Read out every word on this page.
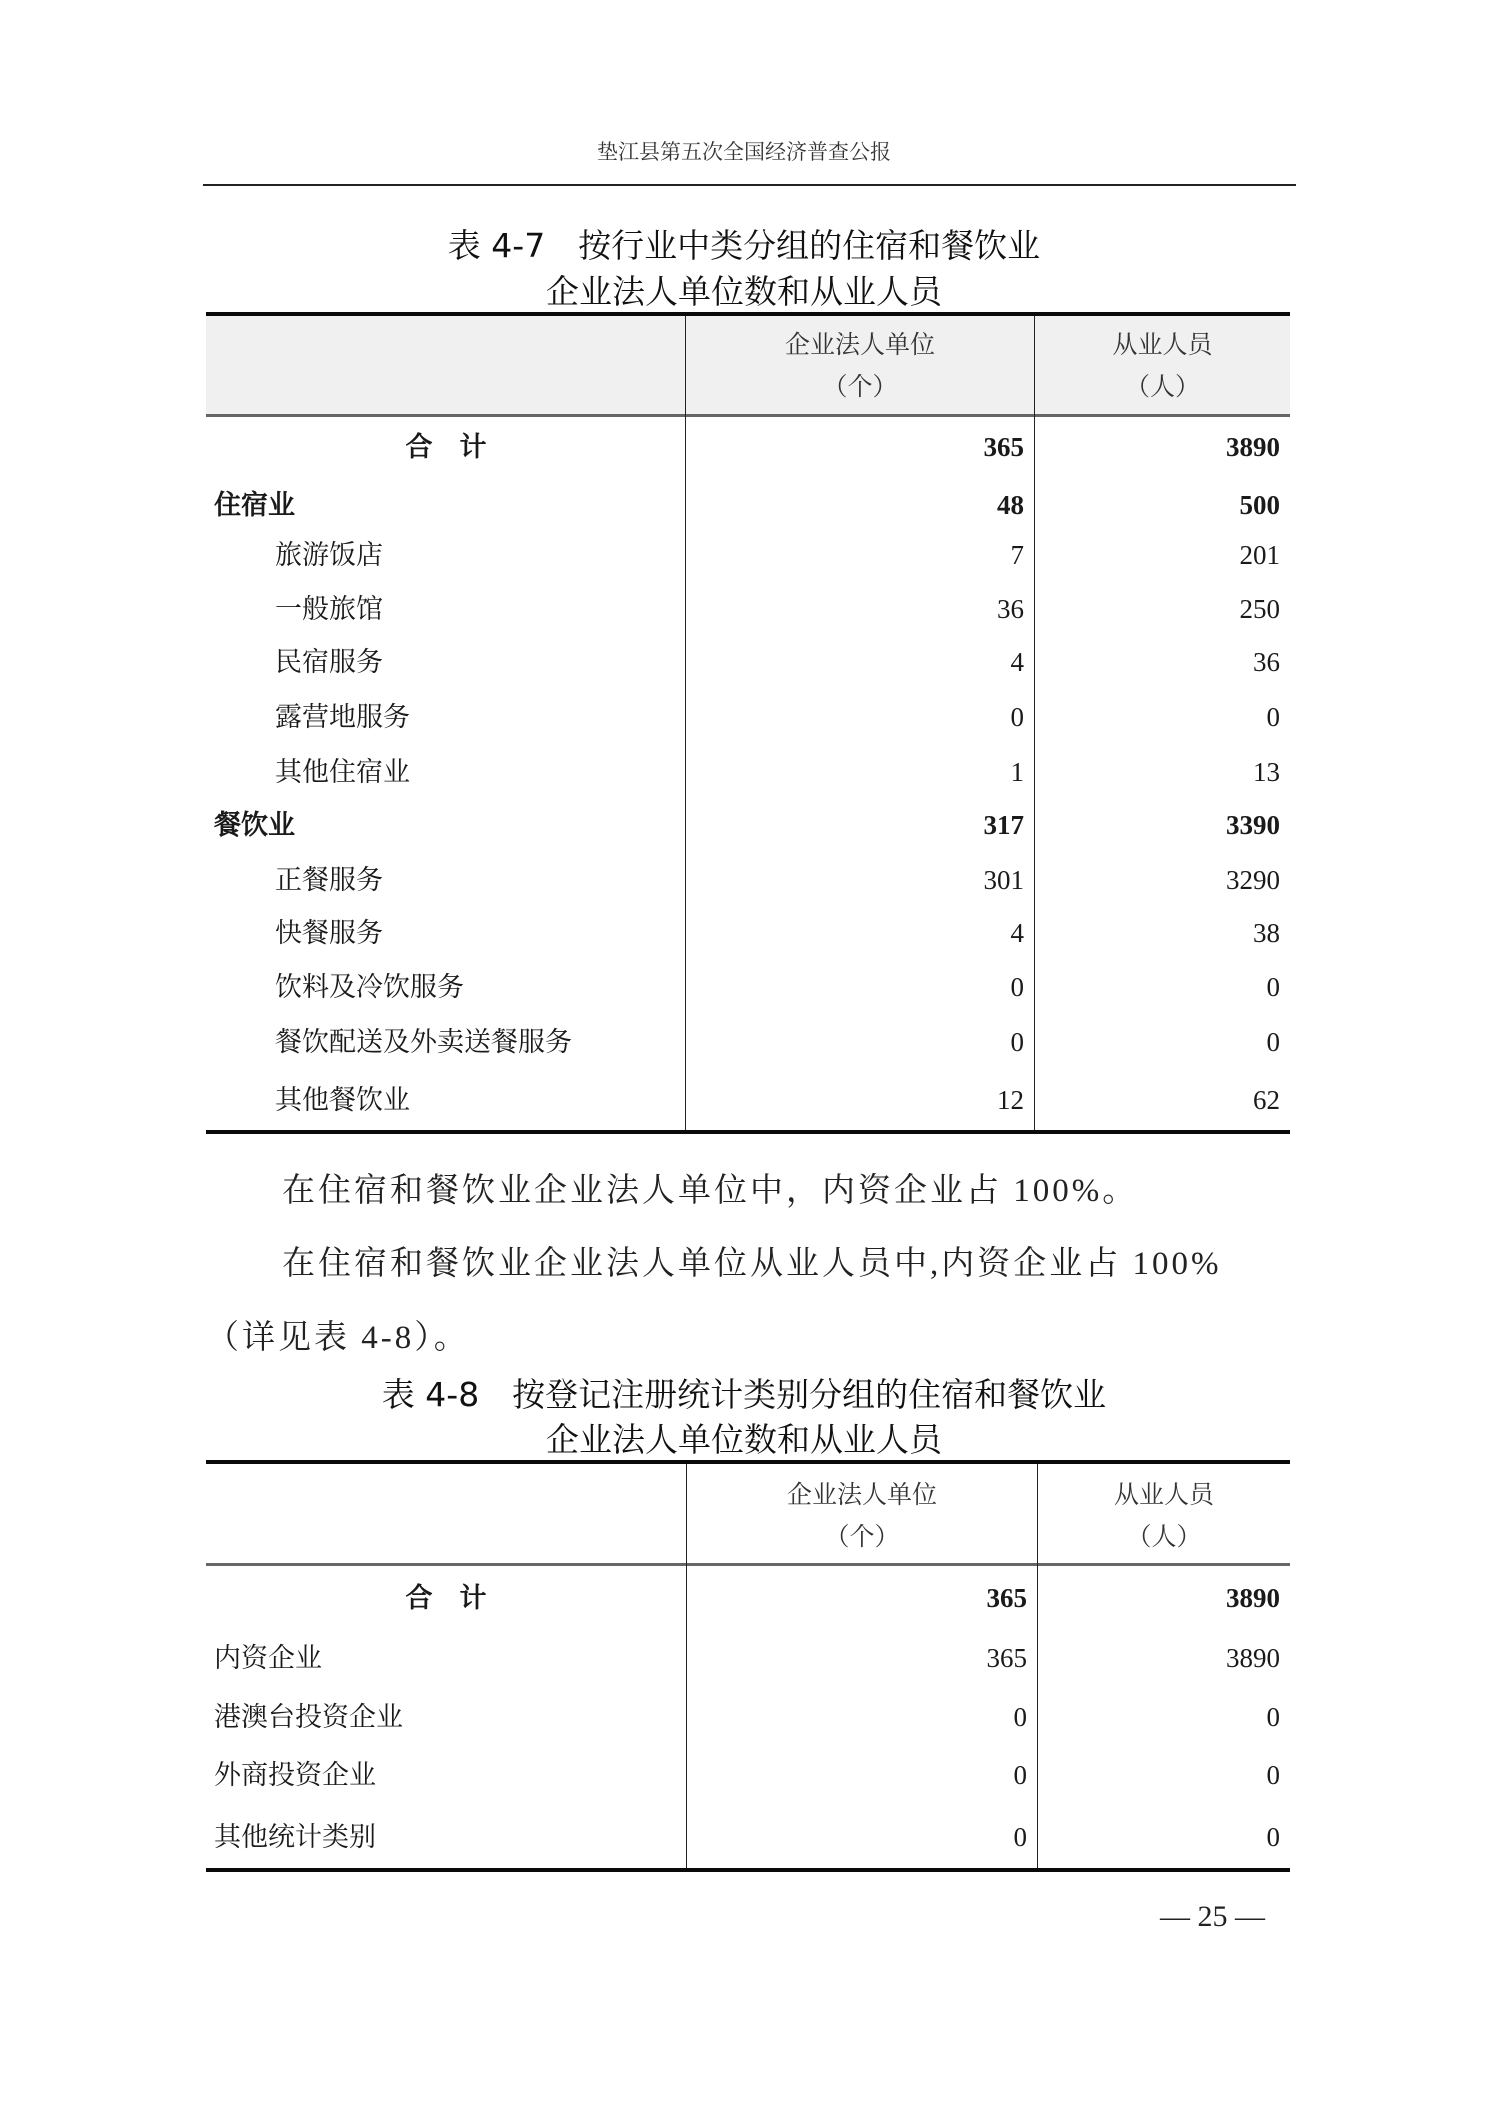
垫江县第五次全国经济普查公报
表 4-7　按行业中类分组的住宿和餐饮业
企业法人单位数和从业人员
企业法人单位
（个）
从业人员
（人）
合　计	365	3890
住宿业	48	500
旅游饭店	7	201
一般旅馆	36	250
民宿服务	4	36
露营地服务	0	0
其他住宿业	1	13
餐饮业	317	3390
正餐服务	301	3290
快餐服务	4	38
饮料及冷饮服务	0	0
餐饮配送及外卖送餐服务	0	0
其他餐饮业	12	62
在住宿和餐饮业企业法人单位中，内资企业占 100%。
在住宿和餐饮业企业法人单位从业人员中,内资企业占 100%
（详见表 4-8）。
表 4-8　按登记注册统计类别分组的住宿和餐饮业
企业法人单位数和从业人员
企业法人单位
（个）
从业人员
（人）
合　计	365	3890
内资企业	365	3890
港澳台投资企业	0	0
外商投资企业	0	0
其他统计类别	0	0
— 25 —
